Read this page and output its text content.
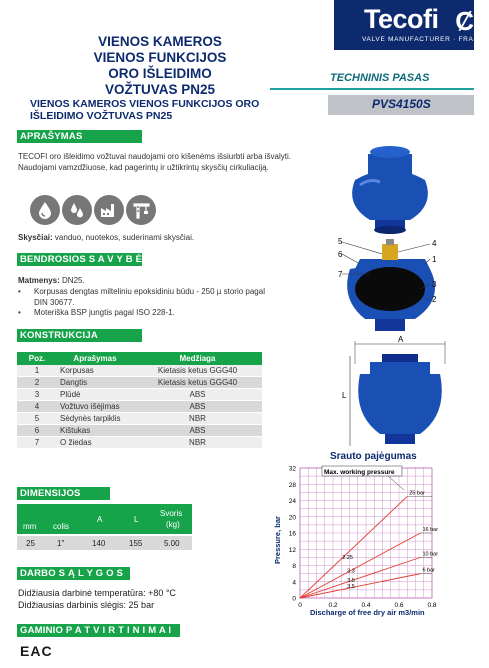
Tecofi Ȼ
VALVE MANUFACTURER · FRANCE
VIENOS KAMEROS
VIENOS FUNKCIJOS
ORO IŠLEIDIMO
VOŽTUVAS PN25
TECHNINIS PASAS
PVS4150S
VIENOS KAMEROS VIENOS FUNKCIJOS ORO IŠLEIDIMO VOŽTUVAS PN25
APRAŠYMAS
TECOFI oro išleidimo vožtuvai naudojami oro kišenėms išsiurbti arba išvalyti. Naudojami vamzdžiuose, kad pagerintų ir užtikrintų skysčių cirkuliaciją.
Skysčiai: vanduo, nuotekos, suderinami skysčiai.
BENDROSIOS S A V Y B Ė S
Matmenys: DN25.
•	Korpusas dengtas milteliniu epoksidiniu būdu - 250 µ storio pagal DIN 30677.
•	Moteriška BSP jungtis pagal ISO 228-1.
KONSTRUKCIJA
Poz.	Aprašymas	Medžiaga
1	Korpusas	Kietasis ketus GGG40
2	Dangtis	Kietasis ketus GGG40
3	Plūdė	ABS
4	Vožtuvo išėjimas	ABS
5	Sėdynės tarpiklis	NBR
6	Kištukas	ABS
7	O žiedas	NBR
DIMENSIJOS
mm colis
A	L
Svoris
(kg)
25	1"	140	155	5.00
DARBO S Ą L Y G O S
Didžiausia darbinė temperatūra: +80 °C
Didžiausias darbinis slėgis: 25 bar
GAMINIO P A T V I R T I N I M A I
EAC
5	4
6
1
7
3
2
A
L
Srauto pajėgumas
25 bar
2.25
16 bar
3.3
10 bar
3.5
6 bar
3.5
0
4
8
12
16
20
24
28
32
0	0.2	0.4	0.6	0.8
Pressure, bar
Discharge of free dry air m3/min
Max. working pressure
